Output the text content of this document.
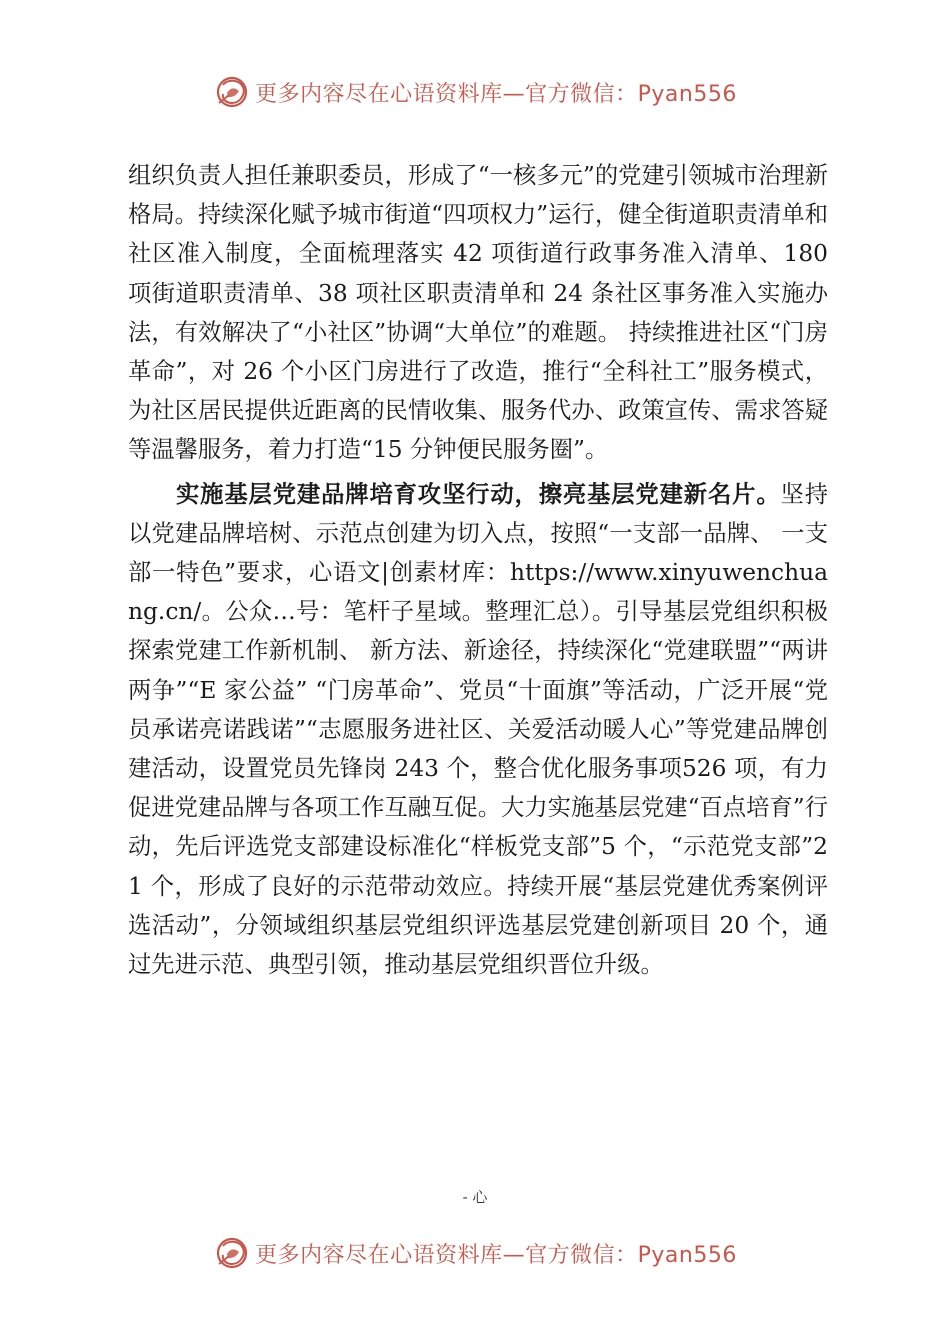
更多内容尽在心语资料库—官方微信：Pyan556

组织负责人担任兼职委员，形成了“一核多元”的党建引领城市治理新格局。持续深化赋予城市街道“四项权力”运行，健全街道职责清单和社区准入制度，全面梳理落实 42 项街道行政事务准入清单、180 项街道职责清单、38 项社区职责清单和 24 条社区事务准入实施办法，有效解决了“小社区”协调“大单位”的难题。 持续推进社区“门房革命”，对 26 个小区门房进行了改造，推行“全科社工”服务模式，为社区居民提供近距离的民情收集、服务代办、政策宣传、需求答疑等温馨服务，着力打造“15 分钟便民服务圈”。

实施基层党建品牌培育攻坚行动，擦亮基层党建新名片。坚持以党建品牌培树、示范点创建为切入点，按照“一支部一品牌、 一支部一特色”要求，心语文|创素材库：https://www.xinyuwenchuang.cn/。公众…号：笔杆子星域。整理汇总）。引导基层党组织积极探索党建工作新机制、 新方法、新途径，持续深化“党建联盟”“两讲两争”“E 家公益” “门房革命”、党员“十面旗”等活动，广泛开展“党员承诺亮诺践诺”“志愿服务进社区、关爱活动暖人心”等党建品牌创建活动，设置党员先锋岗 243 个，整合优化服务事项526 项，有力促进党建品牌与各项工作互融互促。大力实施基层党建“百点培育”行动，先后评选党支部建设标准化“样板党支部”5 个，“示范党支部”21 个，形成了良好的示范带动效应。持续开展“基层党建优秀案例评选活动”，分领域组织基层党组织评选基层党建创新项目 20 个，通过先进示范、典型引领，推动基层党组织晋位升级。

- 心
更多内容尽在心语资料库—官方微信：Pyan556
